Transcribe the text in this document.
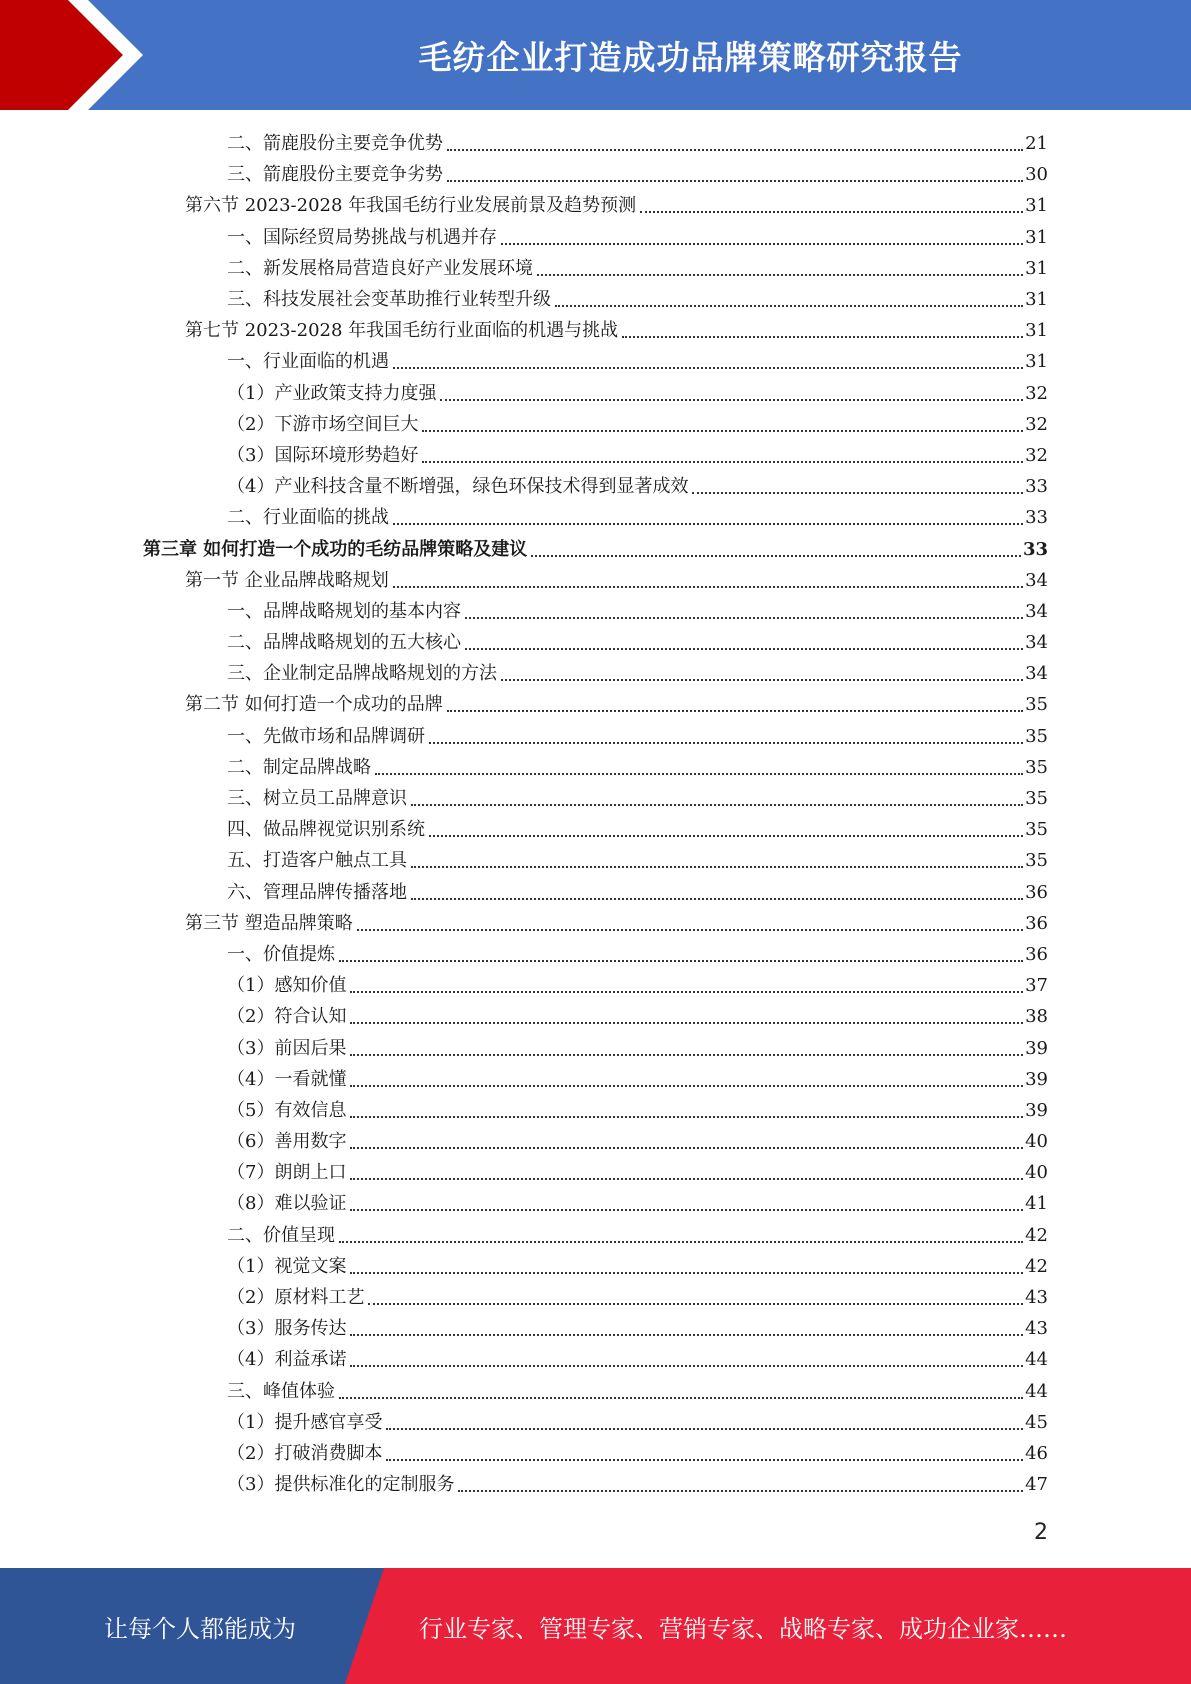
毛纺企业打造成功品牌策略研究报告
二、箭鹿股份主要竞争优势	21
三、箭鹿股份主要竞争劣势	30
第六节 2023-2028 年我国毛纺行业发展前景及趋势预测	31
一、国际经贸局势挑战与机遇并存	31
二、新发展格局营造良好产业发展环境	31
三、科技发展社会变革助推行业转型升级	31
第七节 2023-2028 年我国毛纺行业面临的机遇与挑战	31
一、行业面临的机遇	31
（1）产业政策支持力度强	32
（2）下游市场空间巨大	32
（3）国际环境形势趋好	32
（4）产业科技含量不断增强，绿色环保技术得到显著成效	33
二、行业面临的挑战	33
第三章 如何打造一个成功的毛纺品牌策略及建议	33
第一节 企业品牌战略规划	34
一、品牌战略规划的基本内容	34
二、品牌战略规划的五大核心	34
三、企业制定品牌战略规划的方法	34
第二节 如何打造一个成功的品牌	35
一、先做市场和品牌调研	35
二、制定品牌战略	35
三、树立员工品牌意识	35
四、做品牌视觉识别系统	35
五、打造客户触点工具	35
六、管理品牌传播落地	36
第三节 塑造品牌策略	36
一、价值提炼	36
（1）感知价值	37
（2）符合认知	38
（3）前因后果	39
（4）一看就懂	39
（5）有效信息	39
（6）善用数字	40
（7）朗朗上口	40
（8）难以验证	41
二、价值呈现	42
（1）视觉文案	42
（2）原材料工艺	43
（3）服务传达	43
（4）利益承诺	44
三、峰值体验	44
（1）提升感官享受	45
（2）打破消费脚本	46
（3）提供标准化的定制服务	47
2
让每个人都能成为	行业专家、管理专家、营销专家、战略专家、成功企业家……
